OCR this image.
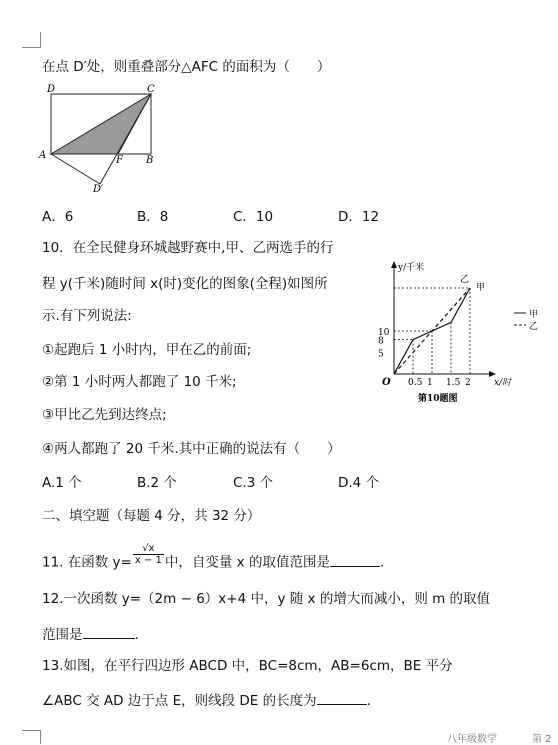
在点 D′处，则重叠部分△AFC 的面积为（　　）
D	C
A	F B
D′
A．6	B．8	C．10	D．12
10．在全民健身环城越野赛中,甲、乙两选手的行
程 y(千米)随时间 x(时)变化的图象(全程)如图所
示.有下列说法:
①起跑后 1 小时内，甲在乙的前面;
②第 1 小时两人都跑了 10 千米;
③甲比乙先到达终点;
④两人都跑了 20 千米.其中正确的说法有（　　）
A.1 个	B.2 个	C.3 个	D.4 个
y/千米
x/时
O 0.5 1 1.5 2
5
8
10
甲
乙
甲
乙
第10题图
二、填空题（每题 4 分，共 32 分）
11. 在函数 $y= \frac{√x}{x - 1}$ 中，自变量 x 的取值范围是	.
12.一次函数 y=（2m − 6）x+4 中，y 随 x 的增大而减小，则 m 的取值
范围是	.
13.如图，在平行四边形 ABCD 中，BC=8cm，AB=6cm，BE 平分
∠ABC 交 AD 边于点 E，则线段 DE 的长度为	.
八年级数学	第 2
